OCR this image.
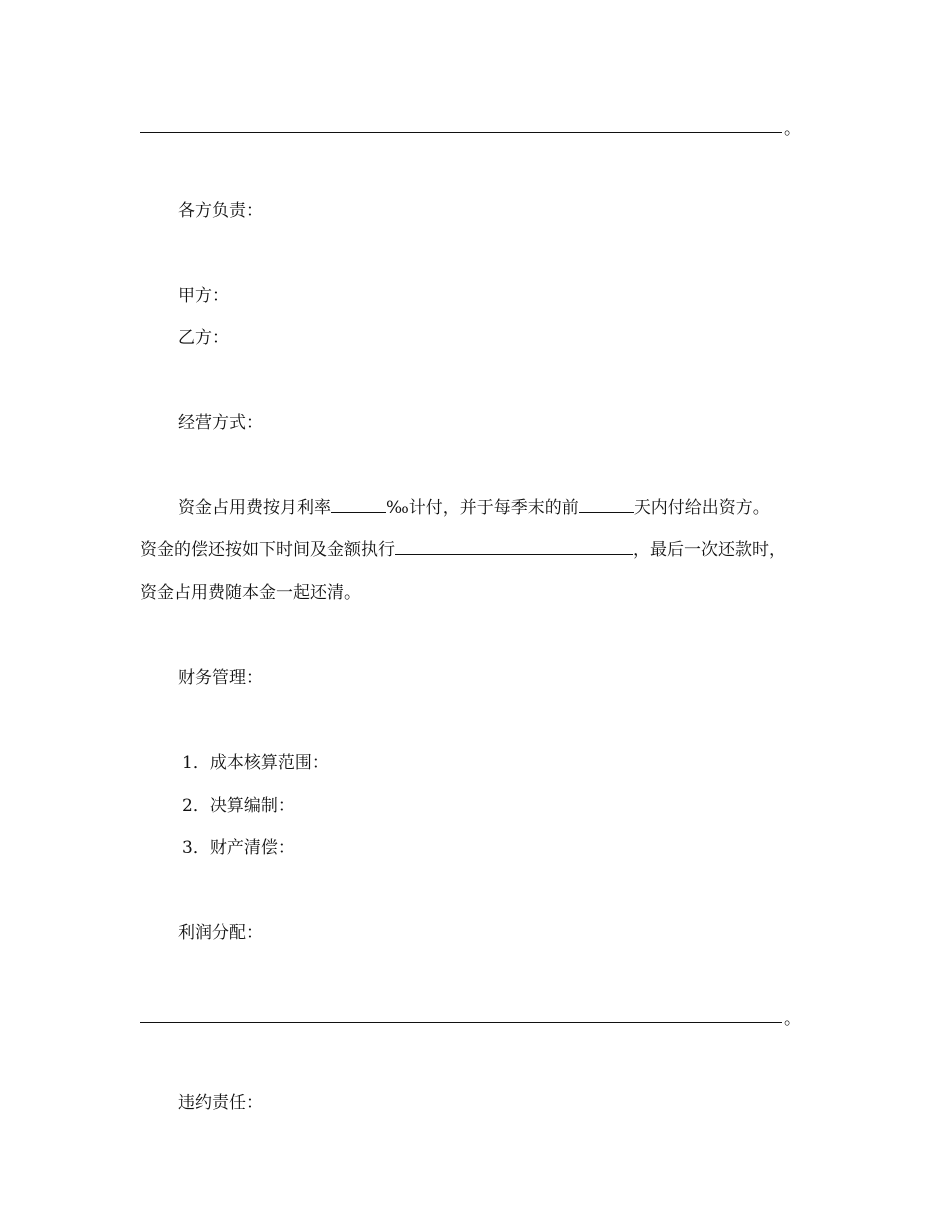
。
各方负责：
甲方：
乙方：
经营方式：
资金占用费按月利率	‰计付，并于每季末的前	天内付给出资方。
资金的偿还按如下时间及金额执行	，最后一次还款时，
资金占用费随本金一起还清。
财务管理：
1．成本核算范围：
2．决算编制：
3．财产清偿：
利润分配：
。
违约责任：
